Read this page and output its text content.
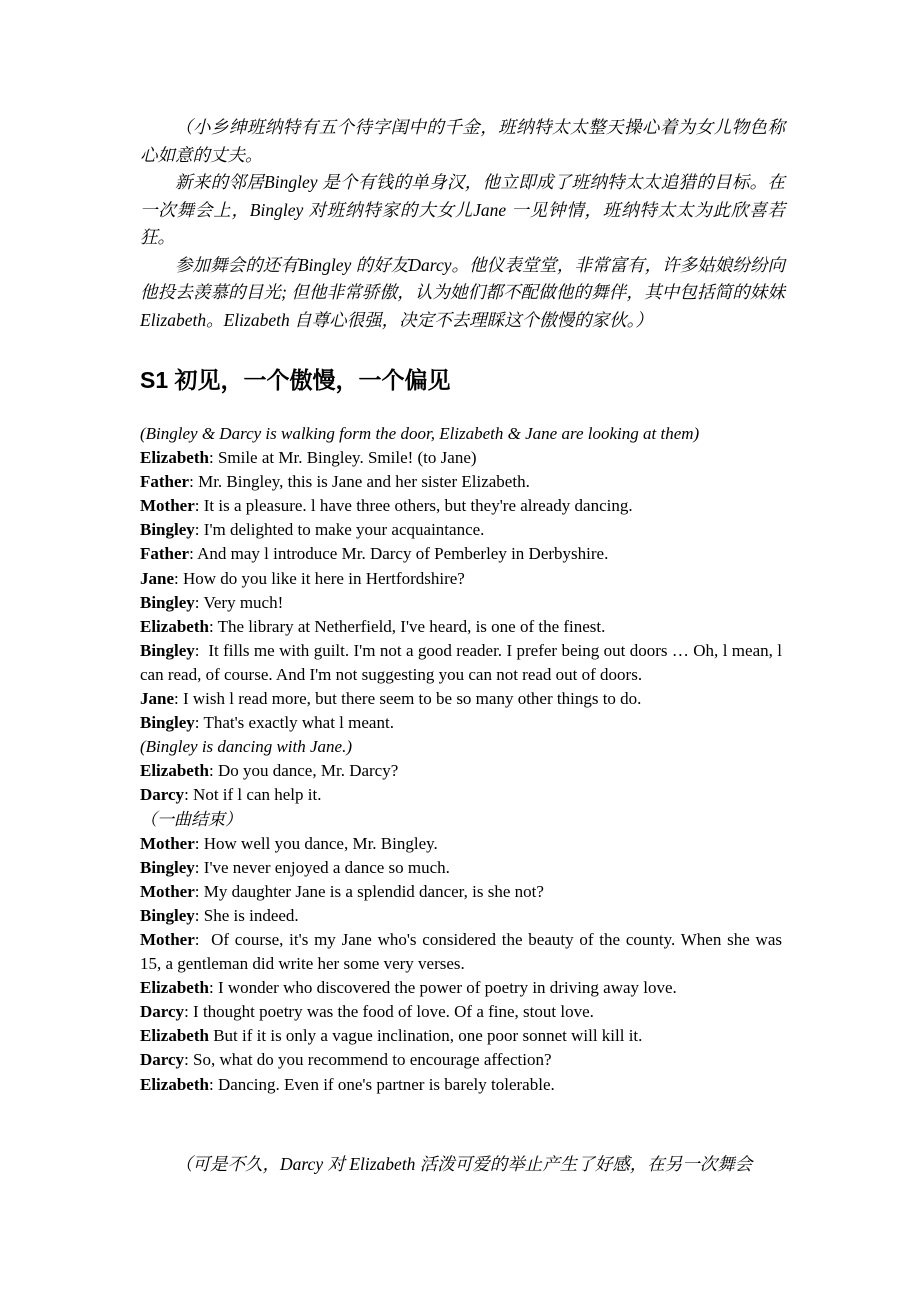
（小乡绅班纳特有五个待字闺中的千金，班纳特太太整天操心着为女儿物色称心如意的丈夫。

新来的邻居Bingley 是个有钱的单身汉，他立即成了班纳特太太追猎的目标。在一次舞会上，Bingley 对班纳特家的大女儿Jane 一见钟情，班纳特太太为此欣喜若狂。

参加舞会的还有Bingley 的好友Darcy。他仪表堂堂，非常富有，许多姑娘纷纷向他投去羡慕的目光; 但他非常骄傲，认为她们都不配做他的舞伴，其中包括简的妹妹Elizabeth。Elizabeth 自尊心很强，决定不去理睬这个傲慢的家伙。）

S1 初见，一个傲慢，一个偏见
(Bingley & Darcy is walking form the door, Elizabeth & Jane are looking at them)
Elizabeth: Smile at Mr. Bingley. Smile! (to Jane)
Father: Mr. Bingley, this is Jane and her sister Elizabeth.
Mother: It is a pleasure. l have three others, but they're already dancing.
Bingley: I'm delighted to make your acquaintance.
Father: And may l introduce Mr. Darcy of Pemberley in Derbyshire.
Jane: How do you like it here in Hertfordshire?
Bingley: Very much!
Elizabeth: The library at Netherfield, I've heard, is one of the finest.
Bingley:  It fills me with guilt. I'm not a good reader. I prefer being out doors … Oh, l mean, l can read, of course. And I'm not suggesting you can not read out of doors.
Jane: I wish l read more, but there seem to be so many other things to do.
Bingley: That's exactly what l meant.
(Bingley is dancing with Jane.)
Elizabeth: Do you dance, Mr. Darcy?
Darcy: Not if l can help it.
（一曲结束）
Mother: How well you dance, Mr. Bingley.
Bingley: I've never enjoyed a dance so much.
Mother: My daughter Jane is a splendid dancer, is she not?
Bingley: She is indeed.
Mother:  Of course, it's my Jane who's considered the beauty of the county. When she was 15, a gentleman did write her some very verses.
Elizabeth: I wonder who discovered the power of poetry in driving away love.
Darcy: I thought poetry was the food of love. Of a fine, stout love.
Elizabeth But if it is only a vague inclination, one poor sonnet will kill it.
Darcy: So, what do you recommend to encourage affection?
Elizabeth: Dancing. Even if one's partner is barely tolerable.
（可是不久，Darcy 对 Elizabeth 活泼可爱的举止产生了好感，在另一次舞会
